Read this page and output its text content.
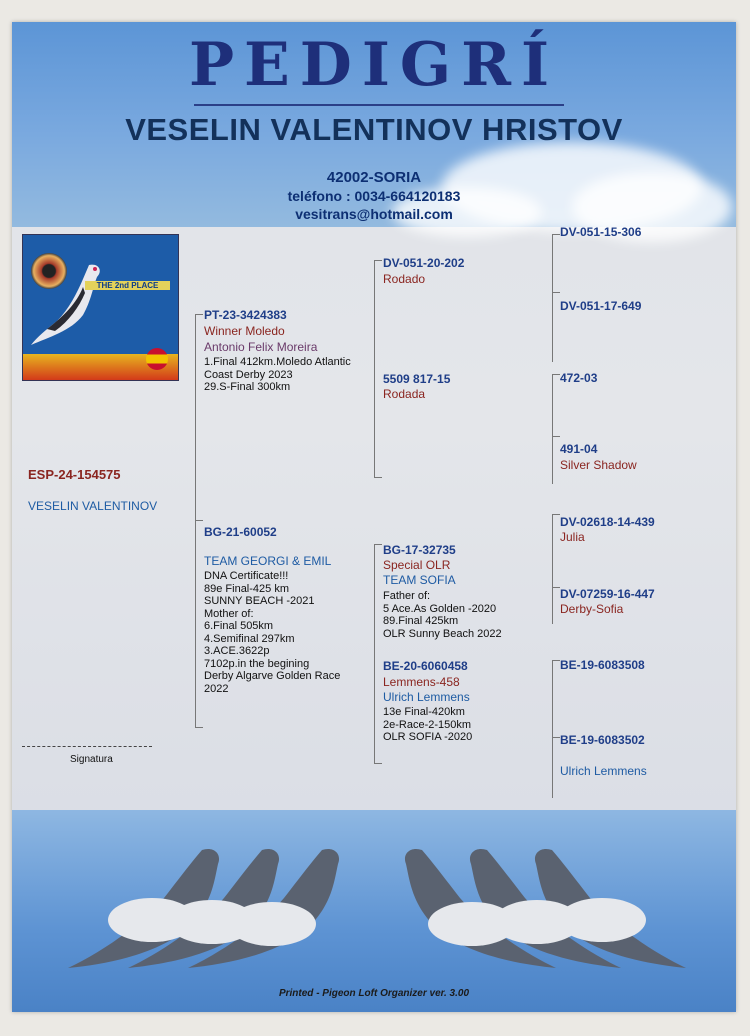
PEDIGRÍ
VESELIN VALENTINOV HRISTOV
42002-SORIA
teléfono : 0034-664120183
vesitrans@hotmail.com
THE 2nd PLACE
ESP-24-154575
VESELIN VALENTINOV
Signatura
PT-23-3424383
Winner Moledo
Antonio Felix Moreira
1.Final 412km.Moledo Atlantic
Coast Derby 2023
29.S-Final 300km
BG-21-60052
TEAM GEORGI & EMIL
DNA Certificate!!!
89e Final-425 km
SUNNY BEACH -2021
Mother of:
6.Final 505km
4.Semifinal 297km
3.ACE.3622p
7102p.in the begining
Derby Algarve Golden Race
2022
DV-051-20-202
Rodado
5509 817-15
Rodada
BG-17-32735
Special OLR
TEAM SOFIA
Father of:
5 Ace.As Golden -2020
89.Final 425km
OLR Sunny Beach 2022
BE-20-6060458
Lemmens-458
Ulrich Lemmens
13e Final-420km
2e-Race-2-150km
OLR SOFIA -2020
DV-051-15-306
DV-051-17-649
472-03
491-04
Silver Shadow
DV-02618-14-439
Julia
DV-07259-16-447
Derby-Sofia
BE-19-6083508
BE-19-6083502
Ulrich Lemmens
Printed - Pigeon Loft Organizer ver. 3.00
